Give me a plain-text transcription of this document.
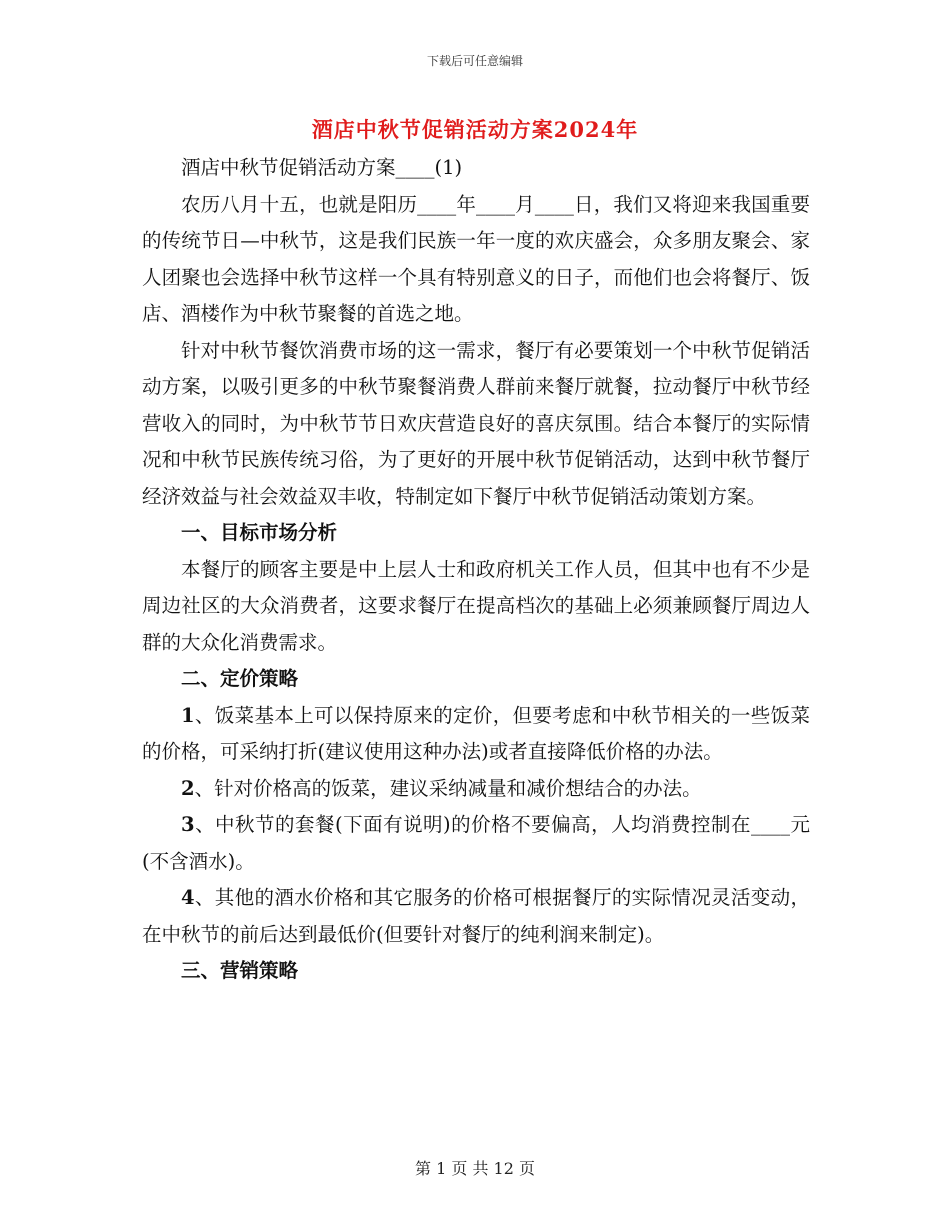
下载后可任意编辑
酒店中秋节促销活动方案2024年

酒店中秋节促销活动方案____(1)

农历八月十五，也就是阳历____年____月____日，我们又将迎来我国重要的传统节日—中秋节，这是我们民族一年一度的欢庆盛会，众多朋友聚会、家人团聚也会选择中秋节这样一个具有特别意义的日子，而他们也会将餐厅、饭店、酒楼作为中秋节聚餐的首选之地。

针对中秋节餐饮消费市场的这一需求，餐厅有必要策划一个中秋节促销活动方案，以吸引更多的中秋节聚餐消费人群前来餐厅就餐，拉动餐厅中秋节经营收入的同时，为中秋节节日欢庆营造良好的喜庆氛围。结合本餐厅的实际情况和中秋节民族传统习俗，为了更好的开展中秋节促销活动，达到中秋节餐厅经济效益与社会效益双丰收，特制定如下餐厅中秋节促销活动策划方案。

一、目标市场分析

本餐厅的顾客主要是中上层人士和政府机关工作人员，但其中也有不少是周边社区的大众消费者，这要求餐厅在提高档次的基础上必须兼顾餐厅周边人群的大众化消费需求。

二、定价策略

1、饭菜基本上可以保持原来的定价，但要考虑和中秋节相关的一些饭菜的价格，可采纳打折(建议使用这种办法)或者直接降低价格的办法。

2、针对价格高的饭菜，建议采纳减量和减价想结合的办法。

3、中秋节的套餐(下面有说明)的价格不要偏高，人均消费控制在____元(不含酒水)。

4、其他的酒水价格和其它服务的价格可根据餐厅的实际情况灵活变动，在中秋节的前后达到最低价(但要针对餐厅的纯利润来制定)。

三、营销策略

第 1 页 共 12 页
